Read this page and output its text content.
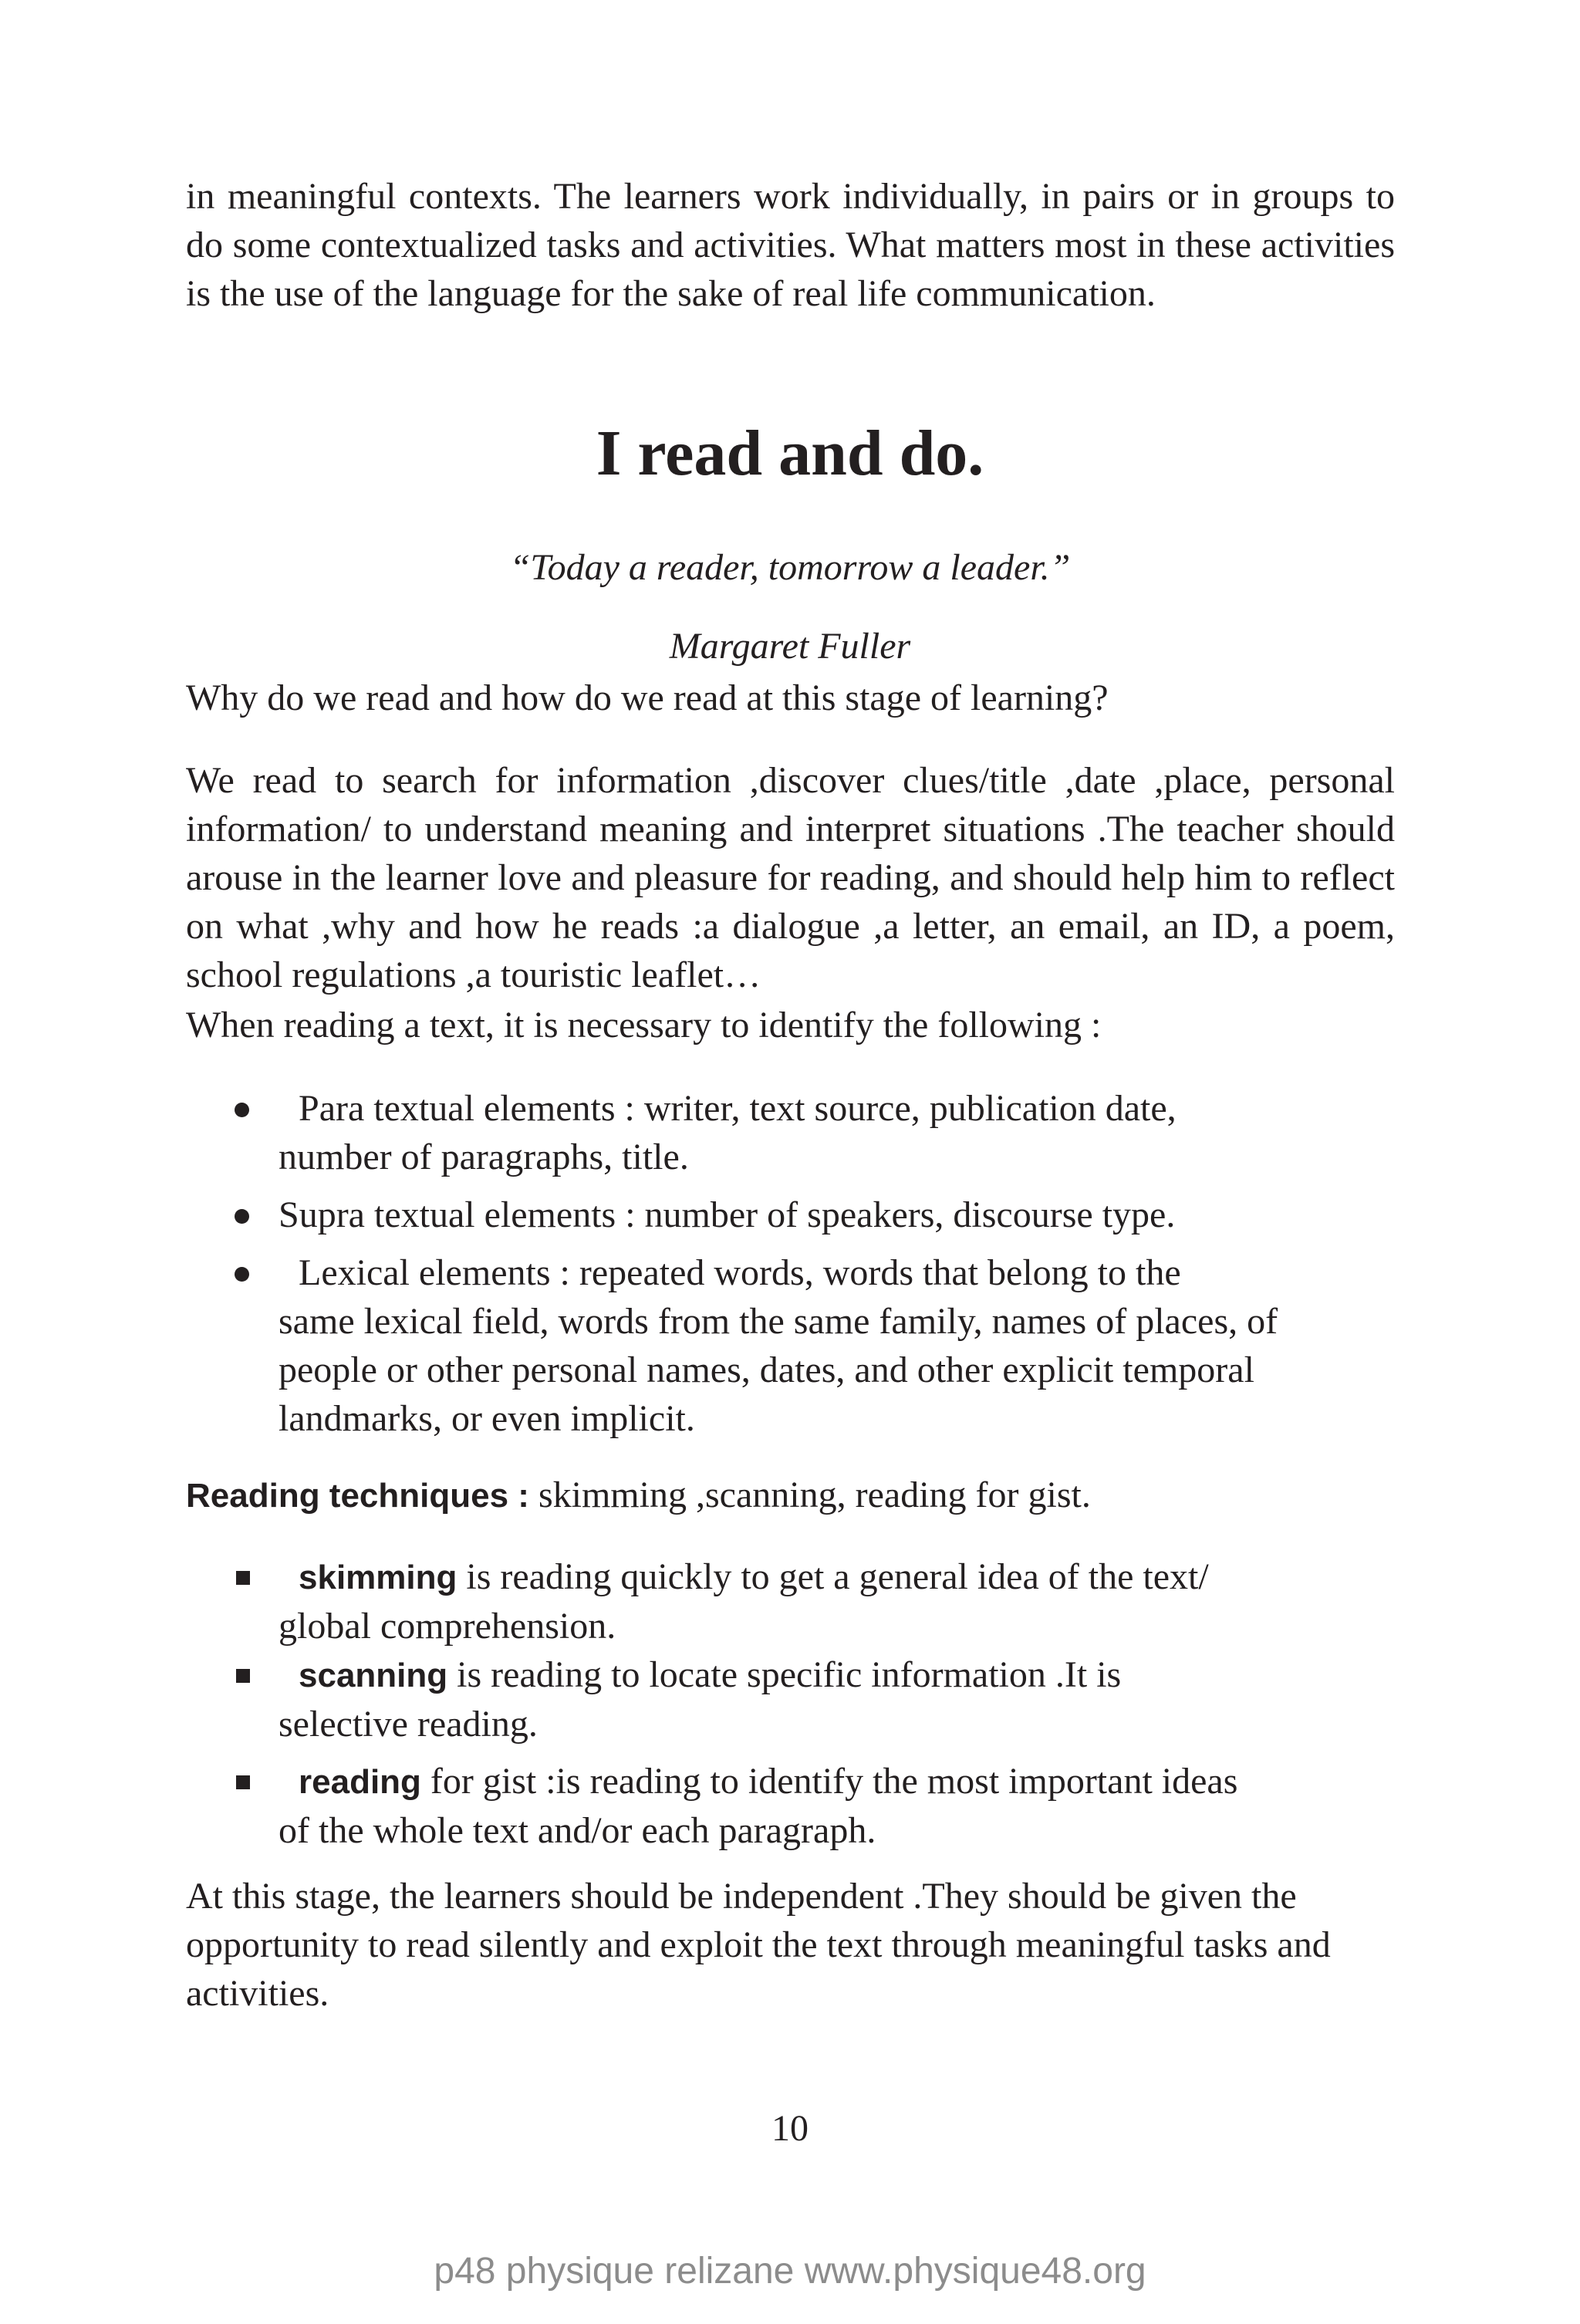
in meaningful contexts. The learners work individually, in pairs or in groups to do some contextualized tasks and activities. What matters most in these activities is the use of the language for the sake of real life communication.

I read and do.

“Today a reader, tomorrow a leader.”

Margaret Fuller

Why do we read and how do we read at this stage of learning?

We read to search for information ,discover clues/title ,date ,place, personal information/ to understand meaning and interpret situations .The teacher should arouse in the learner love and pleasure for reading, and should help him to reflect on what ,why and how he reads :a dialogue ,a letter, an email, an ID, a poem, school regulations ,a touristic leaflet…

When reading a text, it is necessary to identify the following :

Para textual elements : writer, text source, publication date,
number of paragraphs, title.
Supra textual elements : number of speakers, discourse type.
Lexical elements : repeated words, words that belong to the
same lexical field, words from the same family, names of places, of people or other personal names, dates, and other explicit temporal landmarks, or even implicit.

Reading techniques : skimming ,scanning, reading for gist.

skimming is reading quickly to get a general idea of the text/
global comprehension.
scanning is reading to locate specific information .It is
selective reading.
reading for gist :is reading to identify the most important ideas
of the whole text and/or each paragraph.

At this stage, the learners should be independent .They should be given the opportunity to read silently and exploit the text through meaningful tasks and activities.

10

p48 physique relizane www.physique48.org
